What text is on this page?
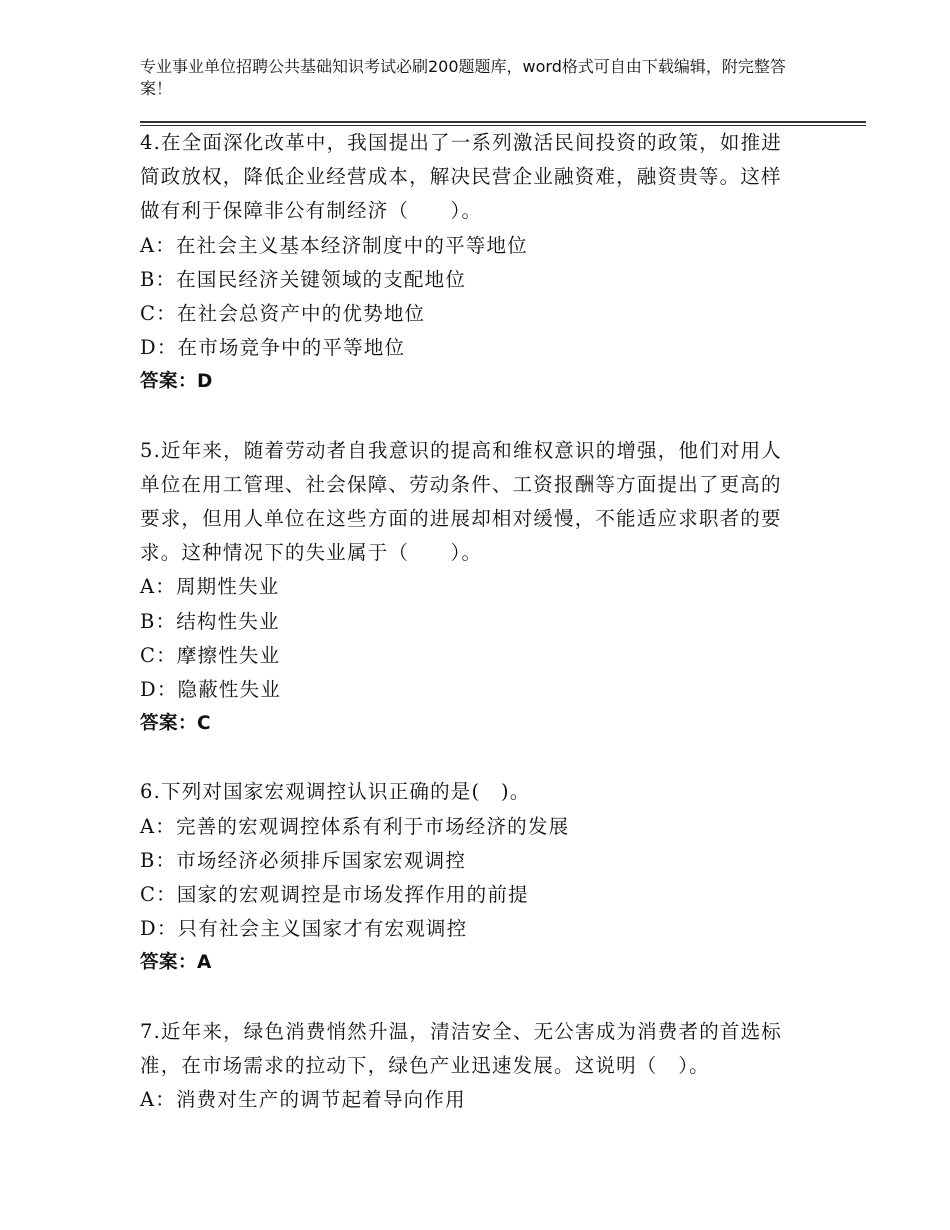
专业事业单位招聘公共基础知识考试必刷200题题库，word格式可自由下载编辑，附完整答案！

4.在全面深化改革中，我国提出了一系列激活民间投资的政策，如推进简政放权，降低企业经营成本，解决民营企业融资难，融资贵等。这样做有利于保障非公有制经济（　　）。

A：在社会主义基本经济制度中的平等地位

B：在国民经济关键领域的支配地位

C：在社会总资产中的优势地位

D：在市场竞争中的平等地位

答案：D

5.近年来，随着劳动者自我意识的提高和维权意识的增强，他们对用人单位在用工管理、社会保障、劳动条件、工资报酬等方面提出了更高的要求，但用人单位在这些方面的进展却相对缓慢，不能适应求职者的要求。这种情况下的失业属于（　　）。

A：周期性失业

B：结构性失业

C：摩擦性失业

D：隐蔽性失业

答案：C

6.下列对国家宏观调控认识正确的是(　)。

A：完善的宏观调控体系有利于市场经济的发展

B：市场经济必须排斥国家宏观调控

C：国家的宏观调控是市场发挥作用的前提

D：只有社会主义国家才有宏观调控

答案：A

7.近年来，绿色消费悄然升温，清洁安全、无公害成为消费者的首选标准，在市场需求的拉动下，绿色产业迅速发展。这说明（　）。

A：消费对生产的调节起着导向作用
